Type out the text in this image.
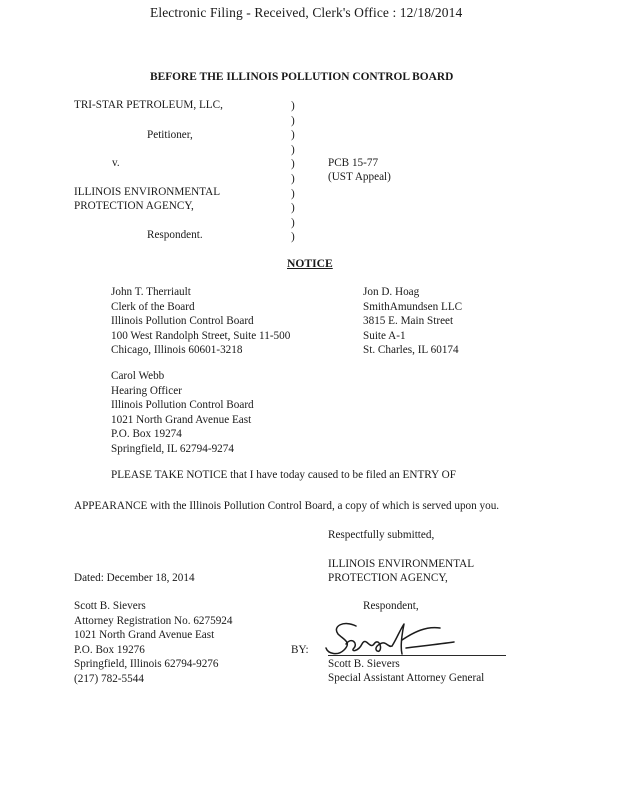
Electronic Filing - Received, Clerk's Office : 12/18/2014
BEFORE THE ILLINOIS POLLUTION CONTROL BOARD
TRI-STAR PETROLEUM, LLC,
Petitioner,
v.
ILLINOIS ENVIRONMENTAL
PROTECTION AGENCY,
Respondent.
)
)
)
)
)
)
)
)
)
)
PCB 15-77
(UST Appeal)
NOTICE
John T. Therriault
Clerk of the Board
Illinois Pollution Control Board
100 West Randolph Street, Suite 11-500
Chicago, Illinois 60601-3218
Jon D. Hoag
SmithAmundsen LLC
3815 E. Main Street
Suite A-1
St. Charles, IL 60174
Carol Webb
Hearing Officer
Illinois Pollution Control Board
1021 North Grand Avenue East
P.O. Box 19274
Springfield, IL 62794-9274
PLEASE TAKE NOTICE that I have today caused to be filed an ENTRY OF
APPEARANCE with the Illinois Pollution Control Board, a copy of which is served upon you.
Respectfully submitted,
ILLINOIS ENVIRONMENTAL
PROTECTION AGENCY,
Dated: December 18, 2014
Respondent,
Scott B. Sievers
Attorney Registration No. 6275924
1021 North Grand Avenue East
P.O. Box 19276
Springfield, Illinois 62794-9276
(217) 782-5544
BY:
Scott B. Sievers
Special Assistant Attorney General
